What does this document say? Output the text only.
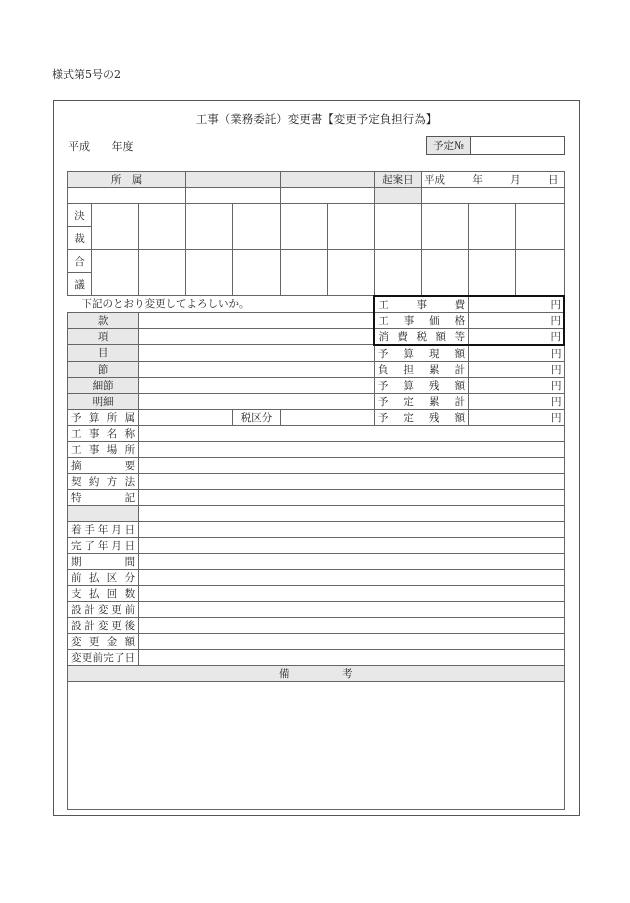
様式第5号の2
工事（業務委託）変更書【変更予定負担行為】
平成 年度	予定№
所　属							起案日	平成 年 月 日		

決										
裁										
合										
議										
下記のとおり変更してよろしいか。							工事費		円	
款							工事価格		円	
項							消費税額等		円	
目							予算現額		円	
節							負担累計		円	
細節							予算残額		円	
明細							予定累計		円	
予算所属				税区分			予定残額		円	
工事名称										
工事場所										
摘要										
契約方法										
特記										

着手年月日										
完了年月日										
期間										
前払区分										
支払回数										
設計変更前										
設計変更後										
変更金額										
変更前完了日										
備　　　　　考										
